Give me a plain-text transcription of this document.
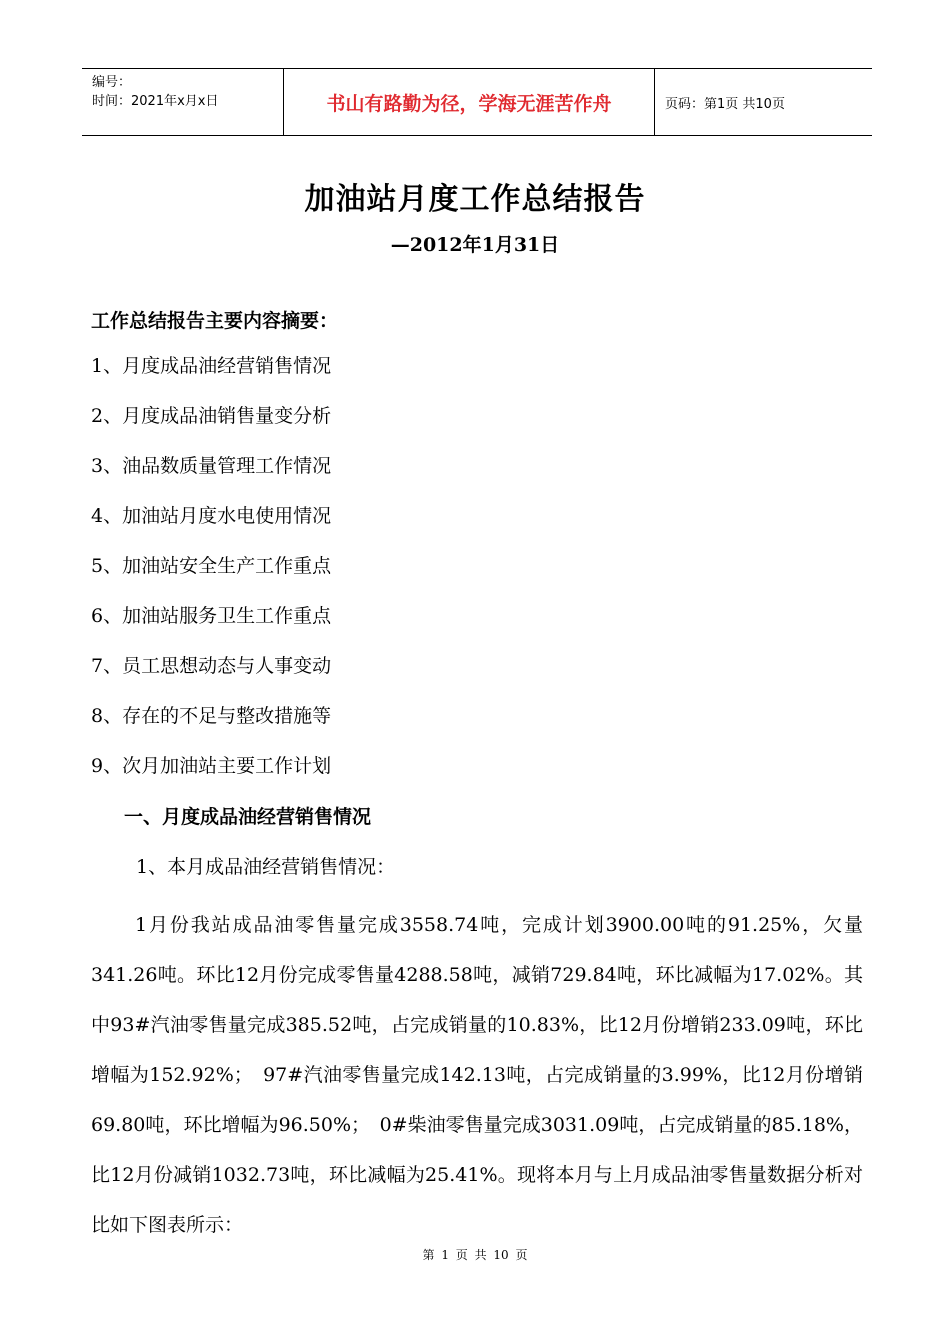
编号：
时间：2021年x月x日	书山有路勤为径，学海无涯苦作舟	页码：第1页 共10页
加油站月度工作总结报告
—2012年1月31日
工作总结报告主要内容摘要：
1、月度成品油经营销售情况
2、月度成品油销售量变分析
3、油品数质量管理工作情况
4、加油站月度水电使用情况
5、加油站安全生产工作重点
6、加油站服务卫生工作重点
7、员工思想动态与人事变动
8、存在的不足与整改措施等
9、次月加油站主要工作计划
一、月度成品油经营销售情况
1、本月成品油经营销售情况：

1月份我站成品油零售量完成3558.74吨，完成计划3900.00吨的91.25%，欠量341.26吨。环比12月份完成零售量4288.58吨，减销729.84吨，环比减幅为17.02%。其中93#汽油零售量完成385.52吨，占完成销量的10.83%，比12月份增销233.09吨，环比增幅为152.92%；　97#汽油零售量完成142.13吨，占完成销量的3.99%，比12月份增销69.80吨，环比增幅为96.50%；　0#柴油零售量完成3031.09吨，占完成销量的85.18%，比12月份减销1032.73吨，环比减幅为25.41%。现将本月与上月成品油零售量数据分析对比如下图表所示：

第 1 页 共 10 页
